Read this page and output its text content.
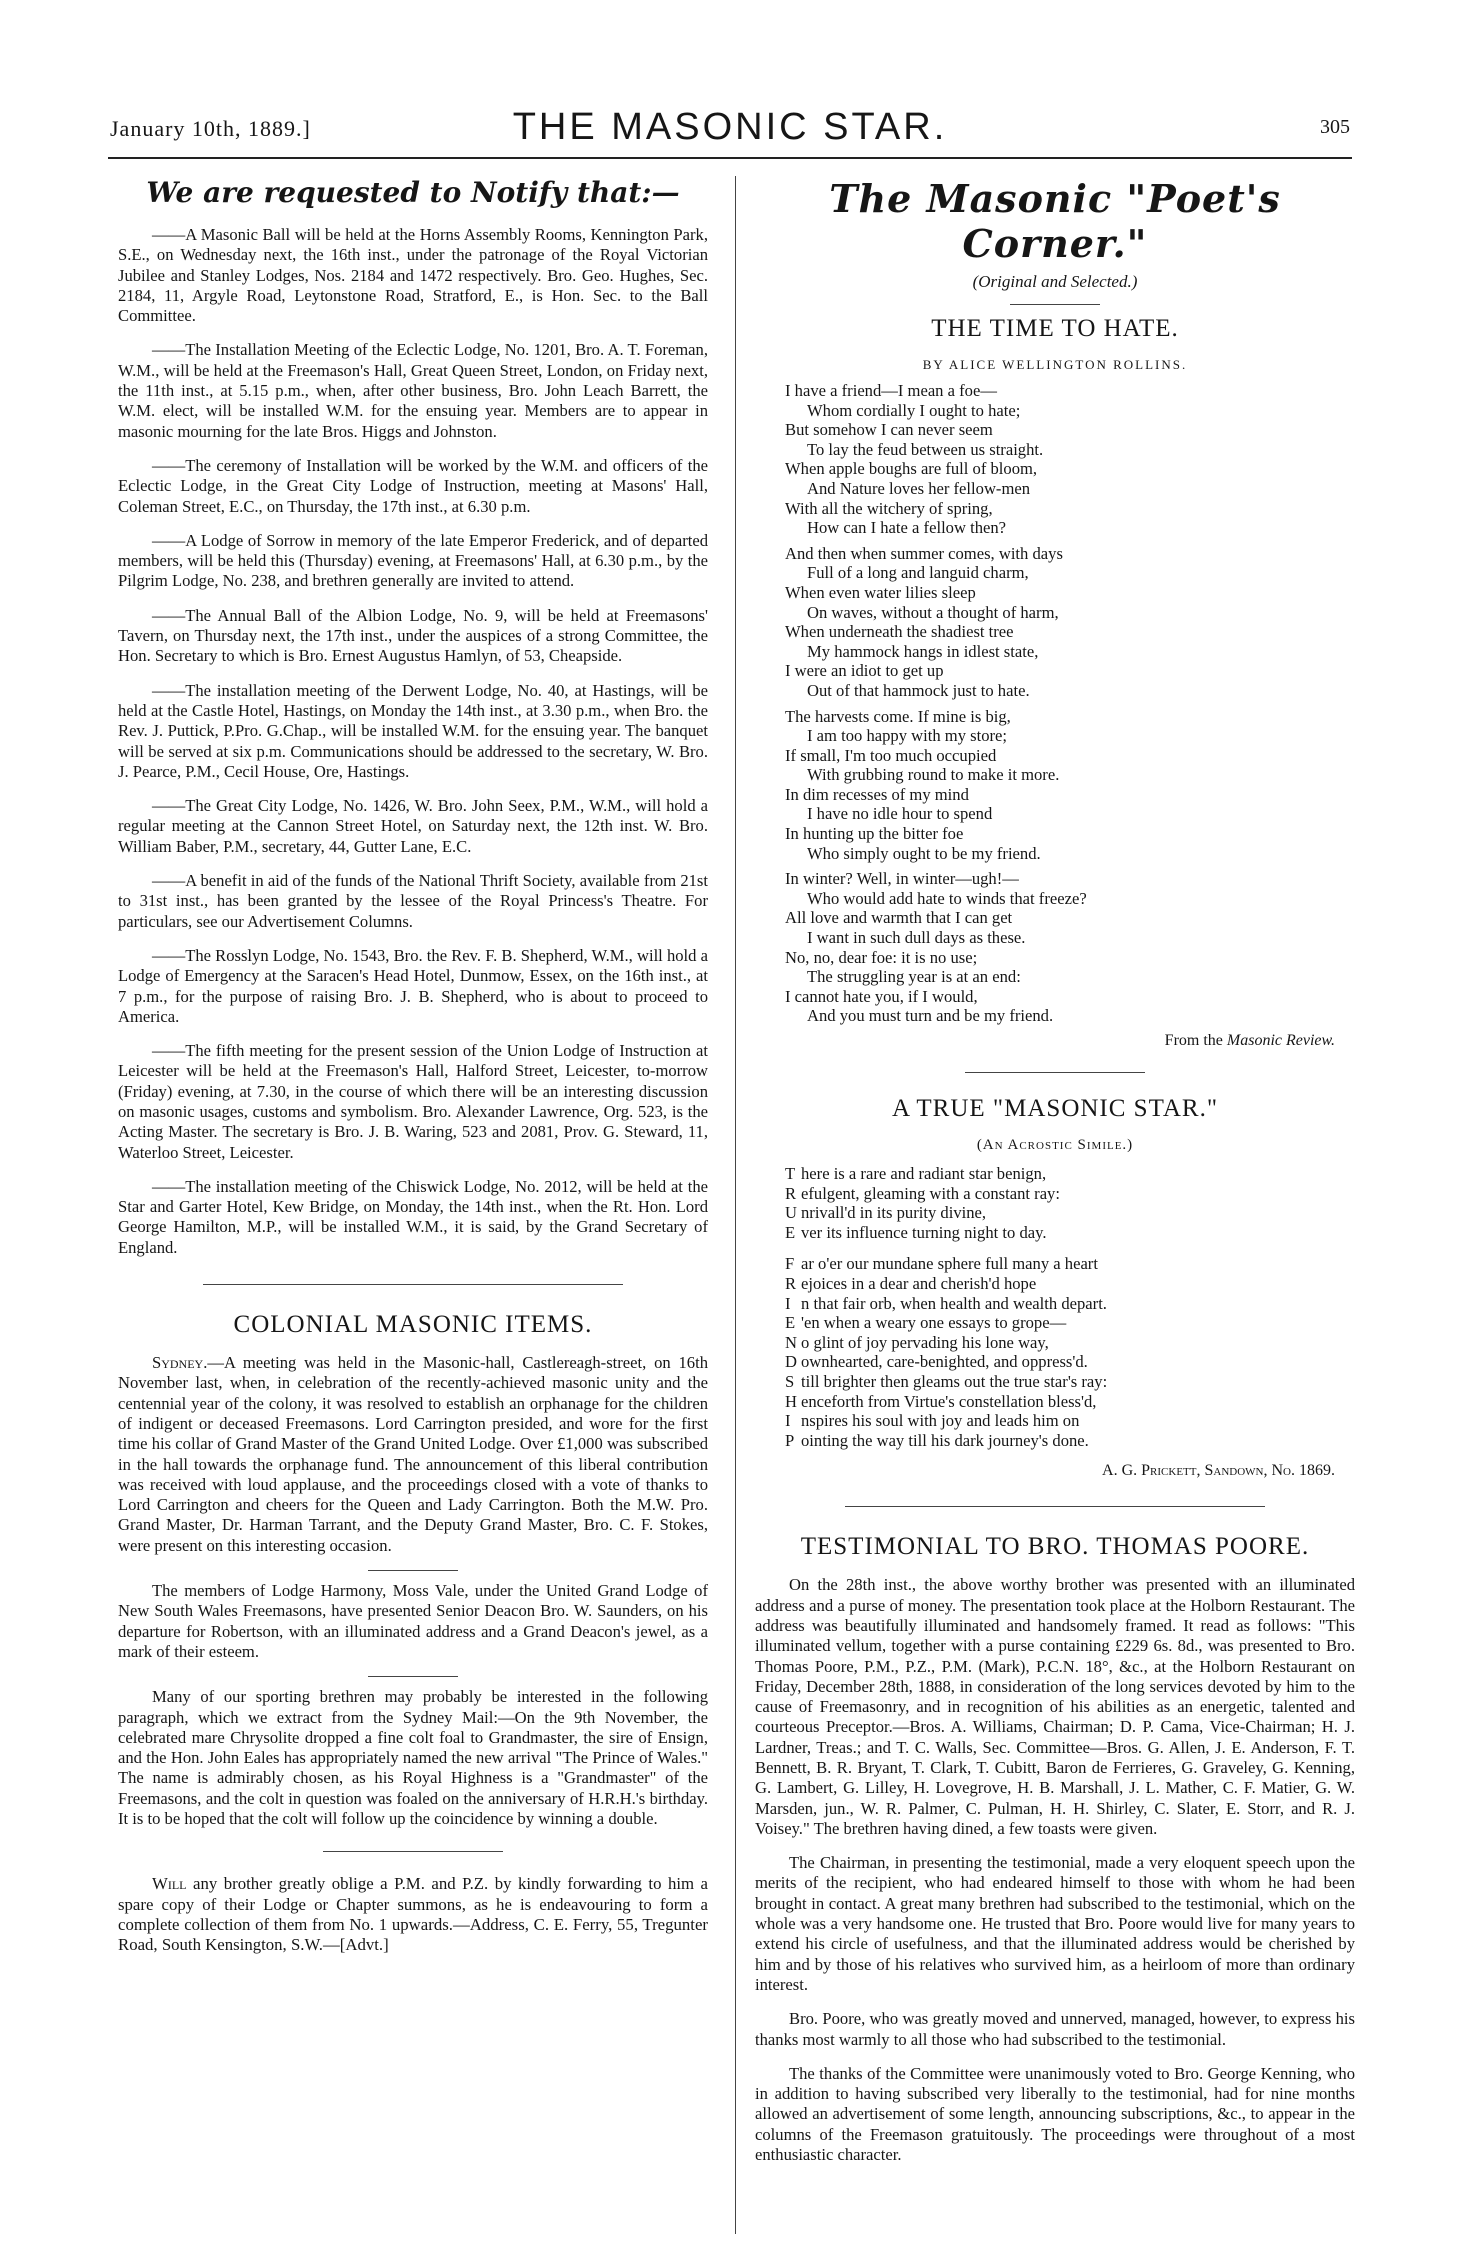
January 10th, 1889.]	THE MASONIC STAR.	305
We are requested to Notify that:—

—— A Masonic Ball will be held at the Horns Assembly Rooms, Kennington Park, S.E., on Wednesday next, the 16th inst., under the patronage of the Royal Victorian Jubilee and Stanley Lodges, Nos. 2184 and 1472 respectively. Bro. Geo. Hughes, Sec. 2184, 11, Argyle Road, Leytonstone Road, Stratford, E., is Hon. Sec. to the Ball Committee.

—— The Installation Meeting of the Eclectic Lodge, No. 1201, Bro. A. T. Foreman, W.M., will be held at the Freemason's Hall, Great Queen Street, London, on Friday next, the 11th inst., at 5.15 p.m., when, after other business, Bro. John Leach Barrett, the W.M. elect, will be installed W.M. for the ensuing year. Members are to appear in masonic mourning for the late Bros. Higgs and Johnston.

—— The ceremony of Installation will be worked by the W.M. and officers of the Eclectic Lodge, in the Great City Lodge of Instruction, meeting at Masons' Hall, Coleman Street, E.C., on Thursday, the 17th inst., at 6.30 p.m.

—— A Lodge of Sorrow in memory of the late Emperor Frederick, and of departed members, will be held this (Thursday) evening, at Freemasons' Hall, at 6.30 p.m., by the Pilgrim Lodge, No. 238, and brethren generally are invited to attend.

—— The Annual Ball of the Albion Lodge, No. 9, will be held at Freemasons' Tavern, on Thursday next, the 17th inst., under the auspices of a strong Committee, the Hon. Secretary to which is Bro. Ernest Augustus Hamlyn, of 53, Cheapside.

—— The installation meeting of the Derwent Lodge, No. 40, at Hastings, will be held at the Castle Hotel, Hastings, on Monday the 14th inst., at 3.30 p.m., when Bro. the Rev. J. Puttick, P.Pro. G.Chap., will be installed W.M. for the ensuing year. The banquet will be served at six p.m. Communications should be addressed to the secretary, W. Bro. J. Pearce, P.M., Cecil House, Ore, Hastings.

—— The Great City Lodge, No. 1426, W. Bro. John Seex, P.M., W.M., will hold a regular meeting at the Cannon Street Hotel, on Saturday next, the 12th inst. W. Bro. William Baber, P.M., secretary, 44, Gutter Lane, E.C.

—— A benefit in aid of the funds of the National Thrift Society, available from 21st to 31st inst., has been granted by the lessee of the Royal Princess's Theatre. For particulars, see our Advertisement Columns.

—— The Rosslyn Lodge, No. 1543, Bro. the Rev. F. B. Shepherd, W.M., will hold a Lodge of Emergency at the Saracen's Head Hotel, Dunmow, Essex, on the 16th inst., at 7 p.m., for the purpose of raising Bro. J. B. Shepherd, who is about to proceed to America.

—— The fifth meeting for the present session of the Union Lodge of Instruction at Leicester will be held at the Freemason's Hall, Halford Street, Leicester, to-morrow (Friday) evening, at 7.30, in the course of which there will be an interesting discussion on masonic usages, customs and symbolism. Bro. Alexander Lawrence, Org. 523, is the Acting Master. The secretary is Bro. J. B. Waring, 523 and 2081, Prov. G. Steward, 11, Waterloo Street, Leicester.

—— The installation meeting of the Chiswick Lodge, No. 2012, will be held at the Star and Garter Hotel, Kew Bridge, on Monday, the 14th inst., when the Rt. Hon. Lord George Hamilton, M.P., will be installed W.M., it is said, by the Grand Secretary of England.

COLONIAL MASONIC ITEMS.

Sydney.—A meeting was held in the Masonic-hall, Castlereagh-street, on 16th November last, when, in celebration of the recently-achieved masonic unity and the centennial year of the colony, it was resolved to establish an orphanage for the children of indigent or deceased Freemasons. Lord Carrington presided, and wore for the first time his collar of Grand Master of the Grand United Lodge. Over £1,000 was subscribed in the hall towards the orphanage fund. The announcement of this liberal contribution was received with loud applause, and the proceedings closed with a vote of thanks to Lord Carrington and cheers for the Queen and Lady Carrington. Both the M.W. Pro. Grand Master, Dr. Harman Tarrant, and the Deputy Grand Master, Bro. C. F. Stokes, were present on this interesting occasion.

The members of Lodge Harmony, Moss Vale, under the United Grand Lodge of New South Wales Freemasons, have presented Senior Deacon Bro. W. Saunders, on his departure for Robertson, with an illuminated address and a Grand Deacon's jewel, as a mark of their esteem.

Many of our sporting brethren may probably be interested in the following paragraph, which we extract from the Sydney Mail:—On the 9th November, the celebrated mare Chrysolite dropped a fine colt foal to Grandmaster, the sire of Ensign, and the Hon. John Eales has appropriately named the new arrival "The Prince of Wales." The name is admirably chosen, as his Royal Highness is a "Grandmaster" of the Freemasons, and the colt in question was foaled on the anniversary of H.R.H.'s birthday. It is to be hoped that the colt will follow up the coincidence by winning a double.

Will any brother greatly oblige a P.M. and P.Z. by kindly forwarding to him a spare copy of their Lodge or Chapter summons, as he is endeavouring to form a complete collection of them from No. 1 upwards.—Address, C. E. Ferry, 55, Tregunter Road, South Kensington, S.W.—[Advt.]

The Masonic "Poet's Corner."
(Original and Selected.)
THE TIME TO HATE.
BY ALICE WELLINGTON ROLLINS.
I have a friend—I mean a foe—
Whom cordially I ought to hate;
But somehow I can never seem
To lay the feud between us straight.
When apple boughs are full of bloom,
And Nature loves her fellow-men
With all the witchery of spring,
How can I hate a fellow then?
And then when summer comes, with days
Full of a long and languid charm,
When even water lilies sleep
On waves, without a thought of harm,
When underneath the shadiest tree
My hammock hangs in idlest state,
I were an idiot to get up
Out of that hammock just to hate.
The harvests come. If mine is big,
I am too happy with my store;
If small, I'm too much occupied
With grubbing round to make it more.
In dim recesses of my mind
I have no idle hour to spend
In hunting up the bitter foe
Who simply ought to be my friend.
In winter? Well, in winter—ugh!—
Who would add hate to winds that freeze?
All love and warmth that I can get
I want in such dull days as these.
No, no, dear foe: it is no use;
The struggling year is at an end:
I cannot hate you, if I would,
And you must turn and be my friend.
From the Masonic Review.
A TRUE "MASONIC STAR."
(An Acrostic Simile.)
T here is a rare and radiant star benign,
R efulgent, gleaming with a constant ray:
U nrivall'd in its purity divine,
E ver its influence turning night to day.
F ar o'er our mundane sphere full many a heart
R ejoices in a dear and cherish'd hope
I n that fair orb, when health and wealth depart.
E 'en when a weary one essays to grope—
N o glint of joy pervading his lone way,
D ownhearted, care-benighted, and oppress'd.
S till brighter then gleams out the true star's ray:
H enceforth from Virtue's constellation bless'd,
I nspires his soul with joy and leads him on
P ointing the way till his dark journey's done.
A. G. Prickett, Sandown, No. 1869.
TESTIMONIAL TO BRO. THOMAS POORE.

On the 28th inst., the above worthy brother was presented with an illuminated address and a purse of money. The presentation took place at the Holborn Restaurant. The address was beautifully illuminated and handsomely framed. It read as follows: "This illuminated vellum, together with a purse containing £229 6s. 8d., was presented to Bro. Thomas Poore, P.M., P.Z., P.M. (Mark), P.C.N. 18°, &c., at the Holborn Restaurant on Friday, December 28th, 1888, in consideration of the long services devoted by him to the cause of Freemasonry, and in recognition of his abilities as an energetic, talented and courteous Preceptor.—Bros. A. Williams, Chairman; D. P. Cama, Vice-Chairman; H. J. Lardner, Treas.; and T. C. Walls, Sec. Committee—Bros. G. Allen, J. E. Anderson, F. T. Bennett, B. R. Bryant, T. Clark, T. Cubitt, Baron de Ferrieres, G. Graveley, G. Kenning, G. Lambert, G. Lilley, H. Lovegrove, H. B. Marshall, J. L. Mather, C. F. Matier, G. W. Marsden, jun., W. R. Palmer, C. Pulman, H. H. Shirley, C. Slater, E. Storr, and R. J. Voisey." The brethren having dined, a few toasts were given.

The Chairman, in presenting the testimonial, made a very eloquent speech upon the merits of the recipient, who had endeared himself to those with whom he had been brought in contact. A great many brethren had subscribed to the testimonial, which on the whole was a very handsome one. He trusted that Bro. Poore would live for many years to extend his circle of usefulness, and that the illuminated address would be cherished by him and by those of his relatives who survived him, as a heirloom of more than ordinary interest.

Bro. Poore, who was greatly moved and unnerved, managed, however, to express his thanks most warmly to all those who had subscribed to the testimonial.

The thanks of the Committee were unanimously voted to Bro. George Kenning, who in addition to having subscribed very liberally to the testimonial, had for nine months allowed an advertisement of some length, announcing subscriptions, &c., to appear in the columns of the Freemason gratuitously. The proceedings were throughout of a most enthusiastic character.
